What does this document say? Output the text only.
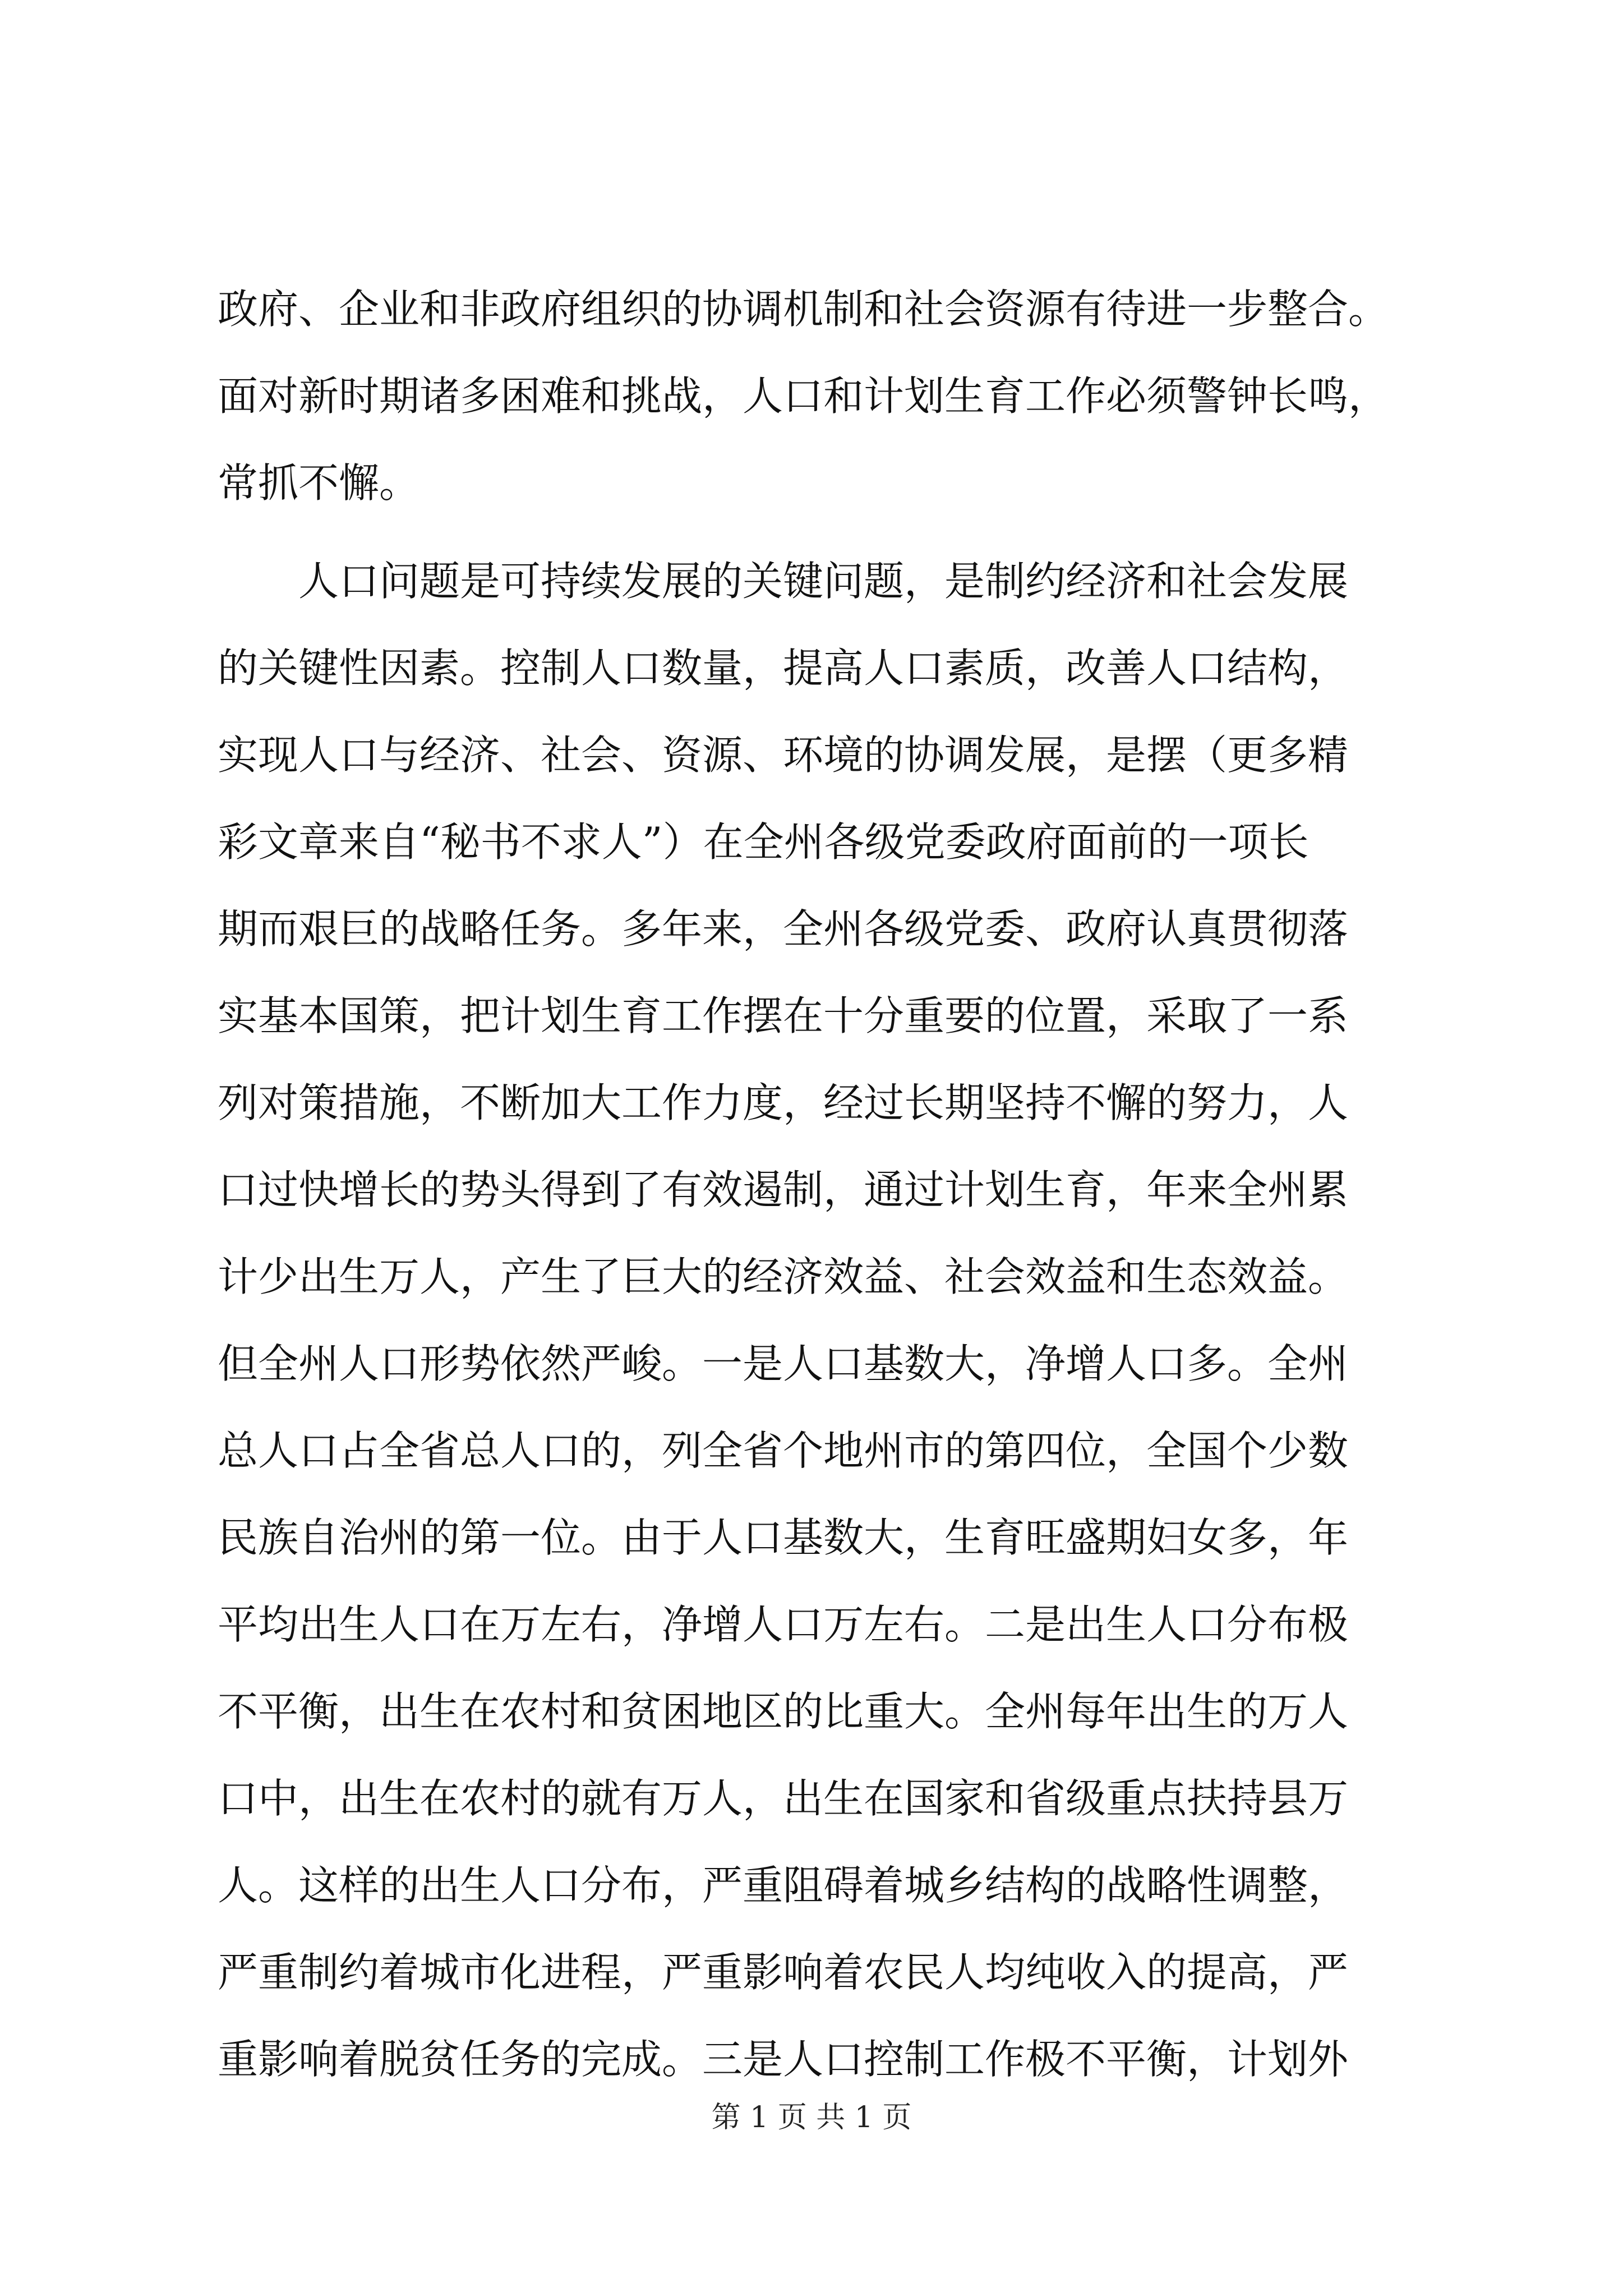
政府、企业和非政府组织的协调机制和社会资源有待进一步整合。
面对新时期诸多困难和挑战，人口和计划生育工作必须警钟长鸣，
常抓不懈。
　　人口问题是可持续发展的关键问题，是制约经济和社会发展
的关键性因素。控制人口数量，提高人口素质，改善人口结构，
实现人口与经济、社会、资源、环境的协调发展，是摆（更多精
彩文章来自“秘书不求人”）在全州各级党委政府面前的一项长
期而艰巨的战略任务。多年来，全州各级党委、政府认真贯彻落
实基本国策，把计划生育工作摆在十分重要的位置，采取了一系
列对策措施，不断加大工作力度，经过长期坚持不懈的努力，人
口过快增长的势头得到了有效遏制，通过计划生育，年来全州累
计少出生万人，产生了巨大的经济效益、社会效益和生态效益。
但全州人口形势依然严峻。一是人口基数大，净增人口多。全州
总人口占全省总人口的，列全省个地州市的第四位，全国个少数
民族自治州的第一位。由于人口基数大，生育旺盛期妇女多，年
平均出生人口在万左右，净增人口万左右。二是出生人口分布极
不平衡，出生在农村和贫困地区的比重大。全州每年出生的万人
口中，出生在农村的就有万人，出生在国家和省级重点扶持县万
人。这样的出生人口分布，严重阻碍着城乡结构的战略性调整，
严重制约着城市化进程，严重影响着农民人均纯收入的提高，严
重影响着脱贫任务的完成。三是人口控制工作极不平衡，计划外
第 1 页 共 1 页
